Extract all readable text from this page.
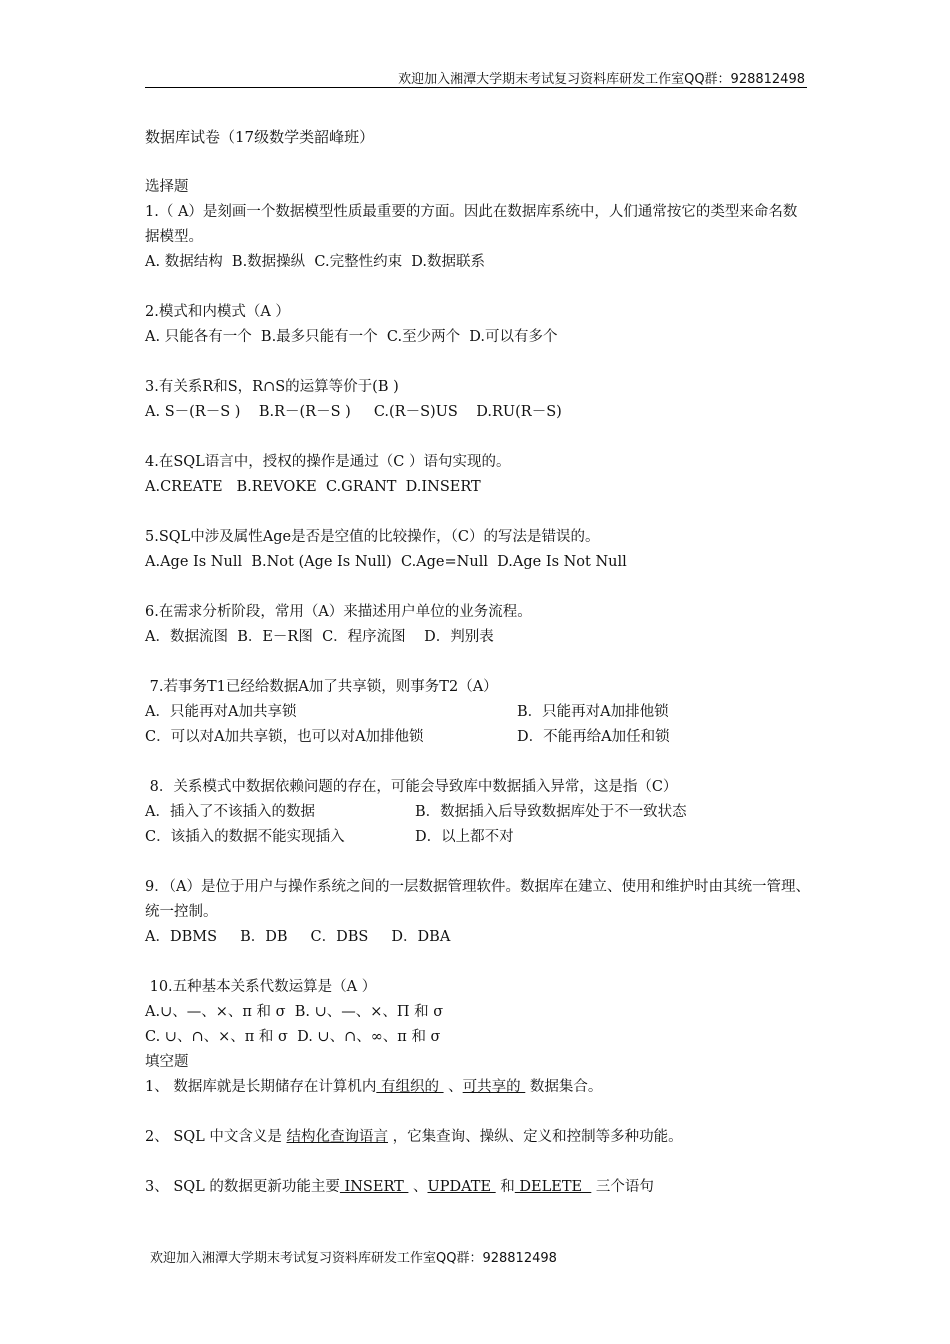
欢迎加入湘潭大学期末考试复习资料库研发工作室QQ群：928812498
数据库试卷（17级数学类韶峰班）
选择题
1.（ A）是刻画一个数据模型性质最重要的方面。因此在数据库系统中，人们通常按它的类型来命名数据模型。
A. 数据结构  B.数据操纵  C.完整性约束  D.数据联系
2.模式和内模式（A ）
A. 只能各有一个  B.最多只能有一个  C.至少两个  D.可以有多个
3.有关系R和S，R∩S的运算等价于(B )
A. S－(R－S )    B.R－(R－S )     C.(R－S)US    D.RU(R－S)
4.在SQL语言中，授权的操作是通过（C ）语句实现的。
A.CREATE   B.REVOKE  C.GRANT  D.INSERT
5.SQL中涉及属性Age是否是空值的比较操作，（C）的写法是错误的。
A.Age Is Null  B.Not (Age Is Null)  C.Age=Null  D.Age Is Not Null
6.在需求分析阶段，常用（A）来描述用户单位的业务流程。
A．数据流图  B．E－R图  C．程序流图    D．判别表
7.若事务T1已经给数据A加了共享锁，则事务T2（A）
A．只能再对A加共享锁	B．只能再对A加排他锁
C．可以对A加共享锁，也可以对A加排他锁	D．不能再给A加任和锁
8．关系模式中数据依赖问题的存在，可能会导致库中数据插入异常，这是指（C）
A．插入了不该插入的数据	B．数据插入后导致数据库处于不一致状态
C．该插入的数据不能实现插入	D．以上都不对
9．（A）是位于用户与操作系统之间的一层数据管理软件。数据库在建立、使用和维护时由其统一管理、统一控制。
A．DBMS     B．DB     C．DBS     D．DBA
10.五种基本关系代数运算是（A ）
A.∪、—、×、π 和 σ  B. ∪、—、×、Π 和 σ
C. ∪、∩、×、π 和 σ  D. ∪、∩、∞、π 和 σ
填空题
1、 数据库就是长期储存在计算机内 有组织的  、可共享的  数据集合。
2、 SQL 中文含义是 结构化查询语言 ，它集查询、操纵、定义和控制等多种功能。
3、 SQL 的数据更新功能主要 INSERT  、UPDATE  和 DELETE   三个语句
欢迎加入湘潭大学期末考试复习资料库研发工作室QQ群：928812498
